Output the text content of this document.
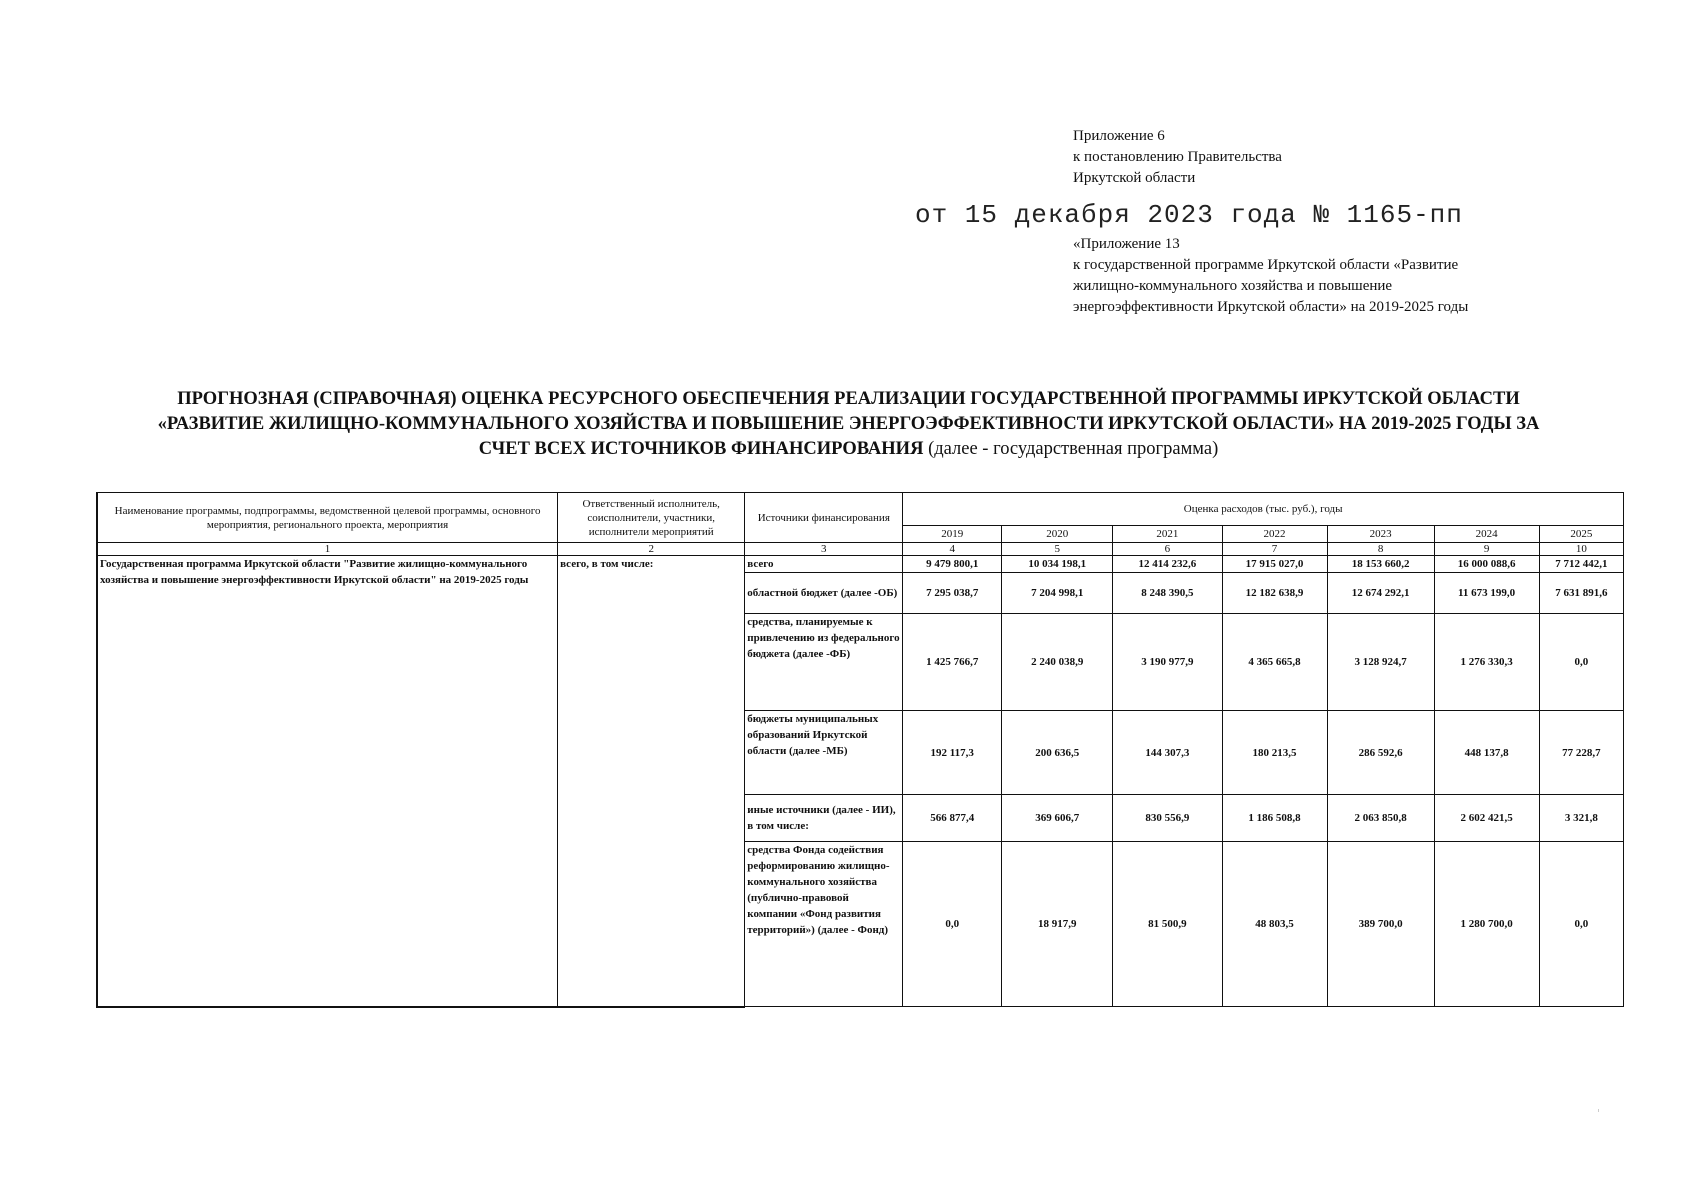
Приложение 6
к постановлению Правительства
Иркутской области
от 15 декабря 2023 года № 1165-пп
«Приложение 13
к государственной программе Иркутской области «Развитие
жилищно-коммунального хозяйства и повышение
энергоэффективности Иркутской области» на 2019-2025 годы
ПРОГНОЗНАЯ (СПРАВОЧНАЯ) ОЦЕНКА РЕСУРСНОГО ОБЕСПЕЧЕНИЯ РЕАЛИЗАЦИИ ГОСУДАРСТВЕННОЙ ПРОГРАММЫ ИРКУТСКОЙ ОБЛАСТИ
«РАЗВИТИЕ ЖИЛИЩНО-КОММУНАЛЬНОГО ХОЗЯЙСТВА И ПОВЫШЕНИЕ ЭНЕРГОЭФФЕКТИВНОСТИ ИРКУТСКОЙ ОБЛАСТИ» НА 2019-2025 ГОДЫ ЗА
СЧЕТ ВСЕХ ИСТОЧНИКОВ ФИНАНСИРОВАНИЯ (далее - государственная программа)
Наименование программы, подпрограммы, ведомственной целевой программы, основного мероприятия, регионального проекта, мероприятия	Ответственный исполнитель, соисполнители, участники, исполнители мероприятий	Источники финансирования	Оценка расходов (тыс. руб.), годы						
			2019	2020	2021	2022	2023	2024	2025
1	2	3	4	5	6	7	8	9	10
Государственная программа Иркутской области "Развитие жилищно-коммунального хозяйства и повышение энергоэффективности Иркутской области" на 2019-2025 годы	всего, в том числе:	всего	9 479 800,1	10 034 198,1	12 414 232,6	17 915 027,0	18 153 660,2	16 000 088,6	7 712 442,1
		областной бюджет (далее -ОБ)	7 295 038,7	7 204 998,1	8 248 390,5	12 182 638,9	12 674 292,1	11 673 199,0	7 631 891,6
		средства, планируемые к привлечению из федерального бюджета (далее -ФБ)	1 425 766,7	2 240 038,9	3 190 977,9	4 365 665,8	3 128 924,7	1 276 330,3	0,0
		бюджеты муниципальных образований Иркутской области (далее -МБ)	192 117,3	200 636,5	144 307,3	180 213,5	286 592,6	448 137,8	77 228,7
		иные источники (далее - ИИ), в том числе:	566 877,4	369 606,7	830 556,9	1 186 508,8	2 063 850,8	2 602 421,5	3 321,8
		средства Фонда содействия реформированию жилищно-коммунального хозяйства (публично-правовой компании «Фонд развития территорий») (далее - Фонд)	0,0	18 917,9	81 500,9	48 803,5	389 700,0	1 280 700,0	0,0
